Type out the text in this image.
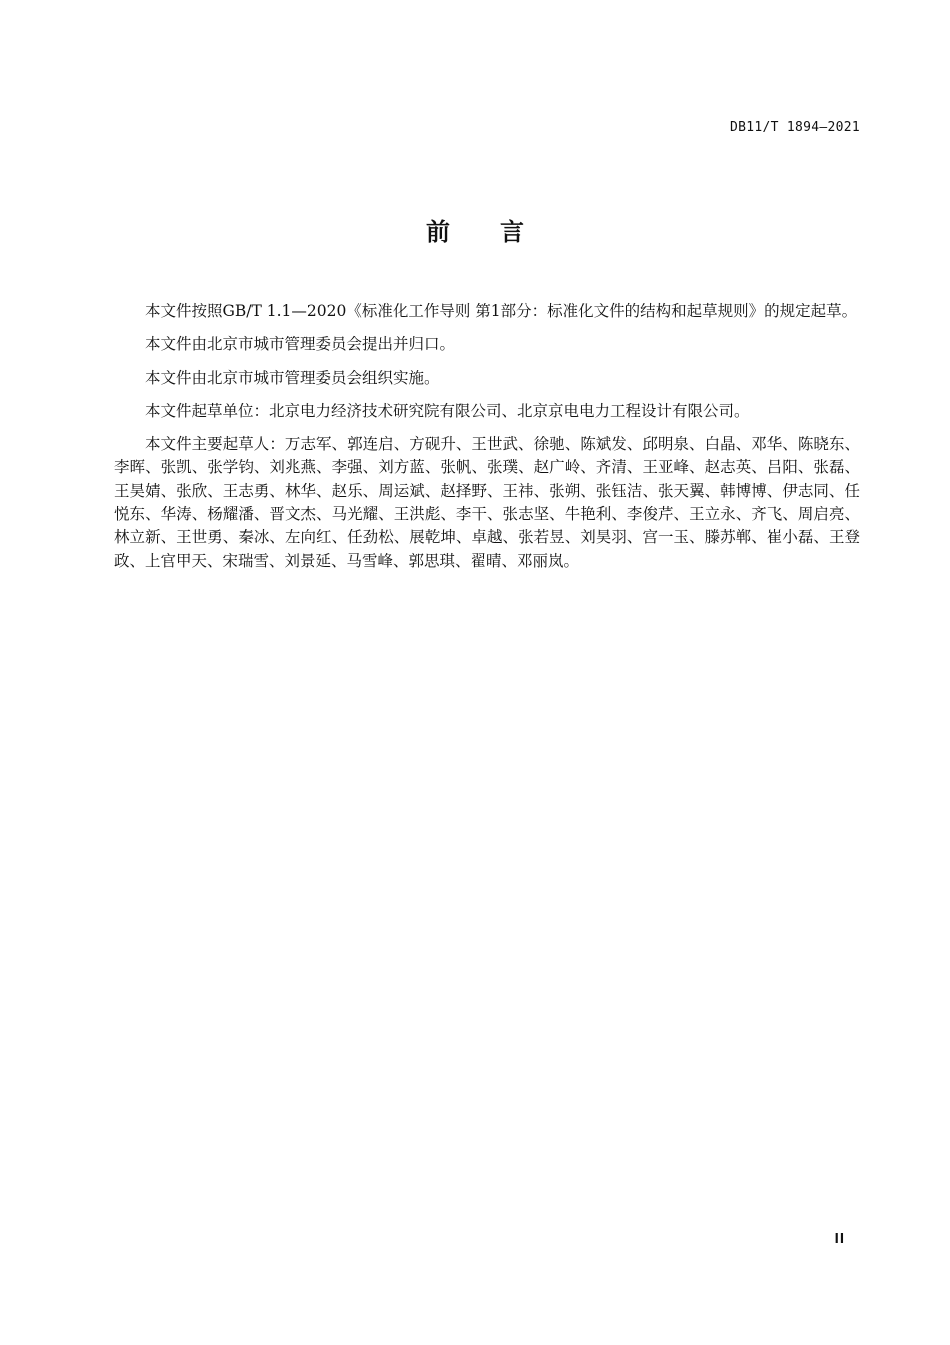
DB11/T 1894—2021
前 言

本文件按照GB/T 1.1—2020《标准化工作导则 第1部分：标准化文件的结构和起草规则》的规定起草。

本文件由北京市城市管理委员会提出并归口。

本文件由北京市城市管理委员会组织实施。

本文件起草单位：北京电力经济技术研究院有限公司、北京京电电力工程设计有限公司。

本文件主要起草人：万志军、郭连启、方砚升、王世武、徐驰、陈斌发、邱明泉、白晶、邓华、陈晓东、李晖、张凯、张学钧、刘兆燕、李强、刘方蓝、张帆、张璞、赵广岭、齐清、王亚峰、赵志英、吕阳、张磊、王昊婧、张欣、王志勇、林华、赵乐、周运斌、赵择野、王祎、张朔、张钰洁、张天翼、韩博博、伊志同、任悦东、华涛、杨耀潘、晋文杰、马光耀、王洪彪、李干、张志坚、牛艳利、李俊芹、王立永、齐飞、周启亮、林立新、王世勇、秦冰、左向红、任劲松、展乾坤、卓越、张若昱、刘昊羽、宫一玉、滕苏郸、崔小磊、王登政、上官甲天、宋瑞雪、刘景延、马雪峰、郭思琪、翟晴、邓丽岚。

II
